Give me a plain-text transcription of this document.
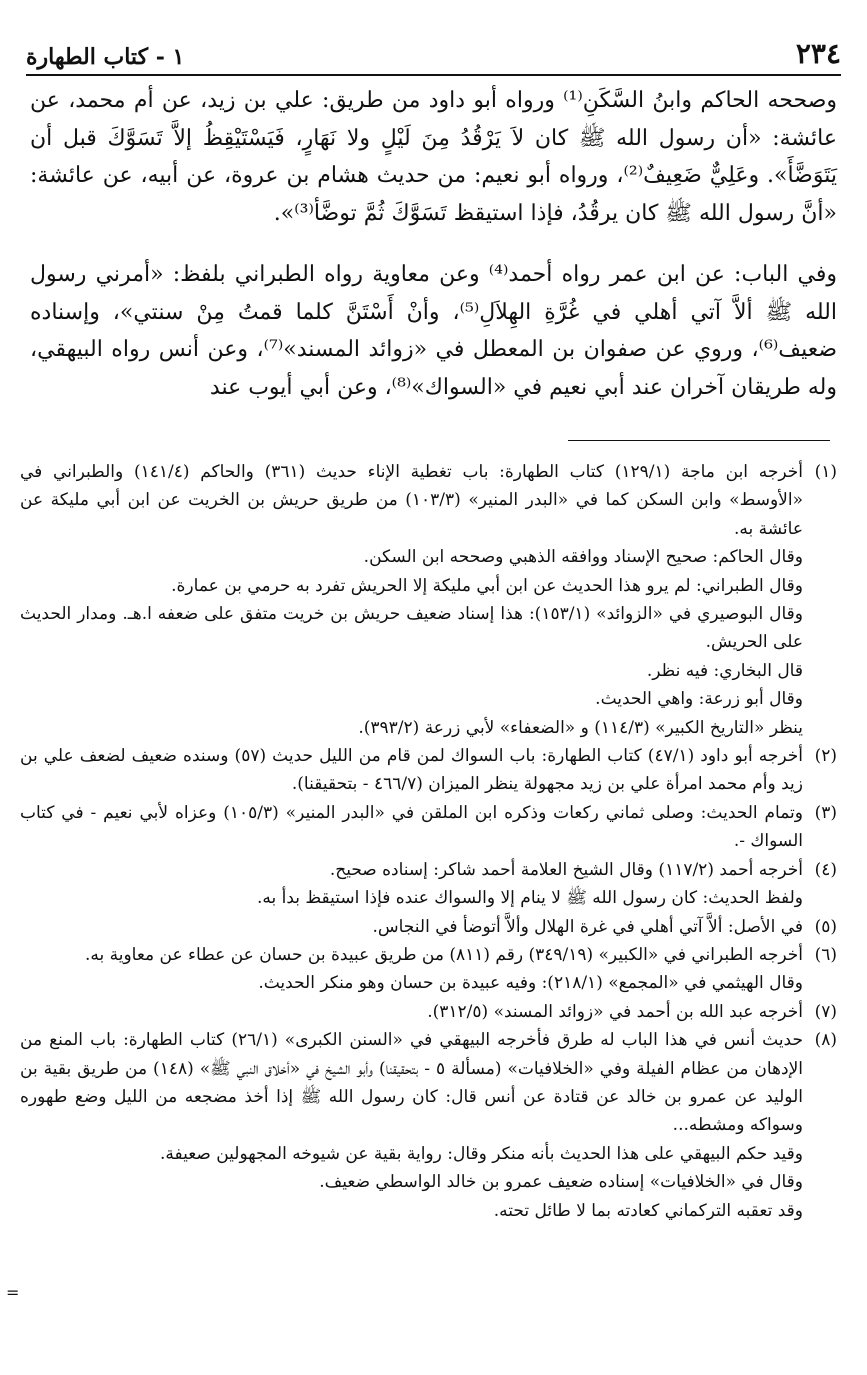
٢٣٤
١ - كتاب الطهارة

وصححه الحاكم وابنُ السَّكَنِ⁽¹⁾ ورواه أبو داود من طريق: علي بن زيد، عن أم محمد، عن عائشة: «أن رسول الله ﷺ كان لاَ يَرْقُدُ مِنَ لَيْلٍ ولا نَهَارٍ، فَيَسْتَيْقِظُ إلاَّ تَسَوَّكَ قبل أن يَتَوَضَّأَ». وعَلِيٌّ ضَعِيفٌ⁽²⁾، ورواه أبو نعيم: من حديث هشام بن عروة، عن أبيه، عن عائشة: «أنَّ رسول الله ﷺ كان يرقُدُ، فإذا استيقظ تَسَوَّكَ ثُمَّ توضَّأ⁽³⁾».

وفي الباب: عن ابن عمر رواه أحمد⁽⁴⁾ وعن معاوية رواه الطبراني بلفظ: «أمرني رسول الله ﷺ ألاَّ آتي أهلي في غُرَّةِ الهِلاَلِ⁽⁵⁾، وأنْ أَسْتَنَّ كلما قمتُ مِنْ سنتي»، وإسناده ضعيف⁽⁶⁾، وروي عن صفوان بن المعطل في «زوائد المسند»⁽⁷⁾، وعن أنس رواه البيهقي، وله طريقان آخران عند أبي نعيم في «السواك»⁽⁸⁾، وعن أبي أيوب عند

(١)

أخرجه ابن ماجة (١٢٩/١) كتاب الطهارة: باب تغطية الإناء حديث (٣٦١) والحاكم (١٤١/٤) والطبراني في «الأوسط» وابن السكن كما في «البدر المنير» (١٠٣/٣) من طريق حريش بن الخريت عن ابن أبي مليكة عن عائشة به.

وقال الحاكم: صحيح الإسناد ووافقه الذهبي وصححه ابن السكن.

وقال الطبراني: لم يرو هذا الحديث عن ابن أبي مليكة إلا الحريش تفرد به حرمي بن عمارة.

وقال البوصيري في «الزوائد» (١٥٣/١): هذا إسناد ضعيف حريش بن خريت متفق على ضعفه ا.هـ. ومدار الحديث على الحريش.

قال البخاري: فيه نظر.

وقال أبو زرعة: واهي الحديث.

ينظر «التاريخ الكبير» (١١٤/٣) و «الضعفاء» لأبي زرعة (٣٩٣/٢).

(٢)

أخرجه أبو داود (٤٧/١) كتاب الطهارة: باب السواك لمن قام من الليل حديث (٥٧) وسنده ضعيف لضعف علي بن زيد وأم محمد امرأة علي بن زيد مجهولة ينظر الميزان (٤٦٦/٧ - بتحقيقنا).

(٣)

وتمام الحديث: وصلى ثماني ركعات وذكره ابن الملقن في «البدر المنير» (١٠٥/٣) وعزاه لأبي نعيم - في كتاب السواك -.

(٤)

أخرجه أحمد (١١٧/٢) وقال الشيخ العلامة أحمد شاكر: إسناده صحيح.

ولفظ الحديث: كان رسول الله ﷺ لا ينام إلا والسواك عنده فإذا استيقظ بدأ به.

(٥)

في الأصل: ألاَّ آتي أهلي في غرة الهلال وألاَّ أتوضأ في النجاس.

(٦)

أخرجه الطبراني في «الكبير» (٣٤٩/١٩) رقم (٨١١) من طريق عبيدة بن حسان عن عطاء عن معاوية به.

وقال الهيثمي في «المجمع» (٢١٨/١): وفيه عبيدة بن حسان وهو منكر الحديث.

(٧)

أخرجه عبد الله بن أحمد في «زوائد المسند» (٣١٢/٥).

(٨)

حديث أنس في هذا الباب له طرق فأخرجه البيهقي في «السنن الكبرى» (٢٦/١) كتاب الطهارة: باب المنع من الإدهان من عظام الفيلة وفي «الخلافيات» (مسألة ٥ - بتحقيقنا) وأبو الشيخ في «أخلاق النبي ﷺ» (١٤٨) من طريق بقية بن الوليد عن عمرو بن خالد عن قتادة عن أنس قال: كان رسول الله ﷺ إذا أخذ مضجعه من الليل وضع طهوره وسواكه ومشطه...

وقيد حكم البيهقي على هذا الحديث بأنه منكر وقال: رواية بقية عن شيوخه المجهولين صعيفة.

وقال في «الخلافيات» إسناده ضعيف عمرو بن خالد الواسطي ضعيف.

وقد تعقبه التركماني كعادته بما لا طائل تحته.

=
